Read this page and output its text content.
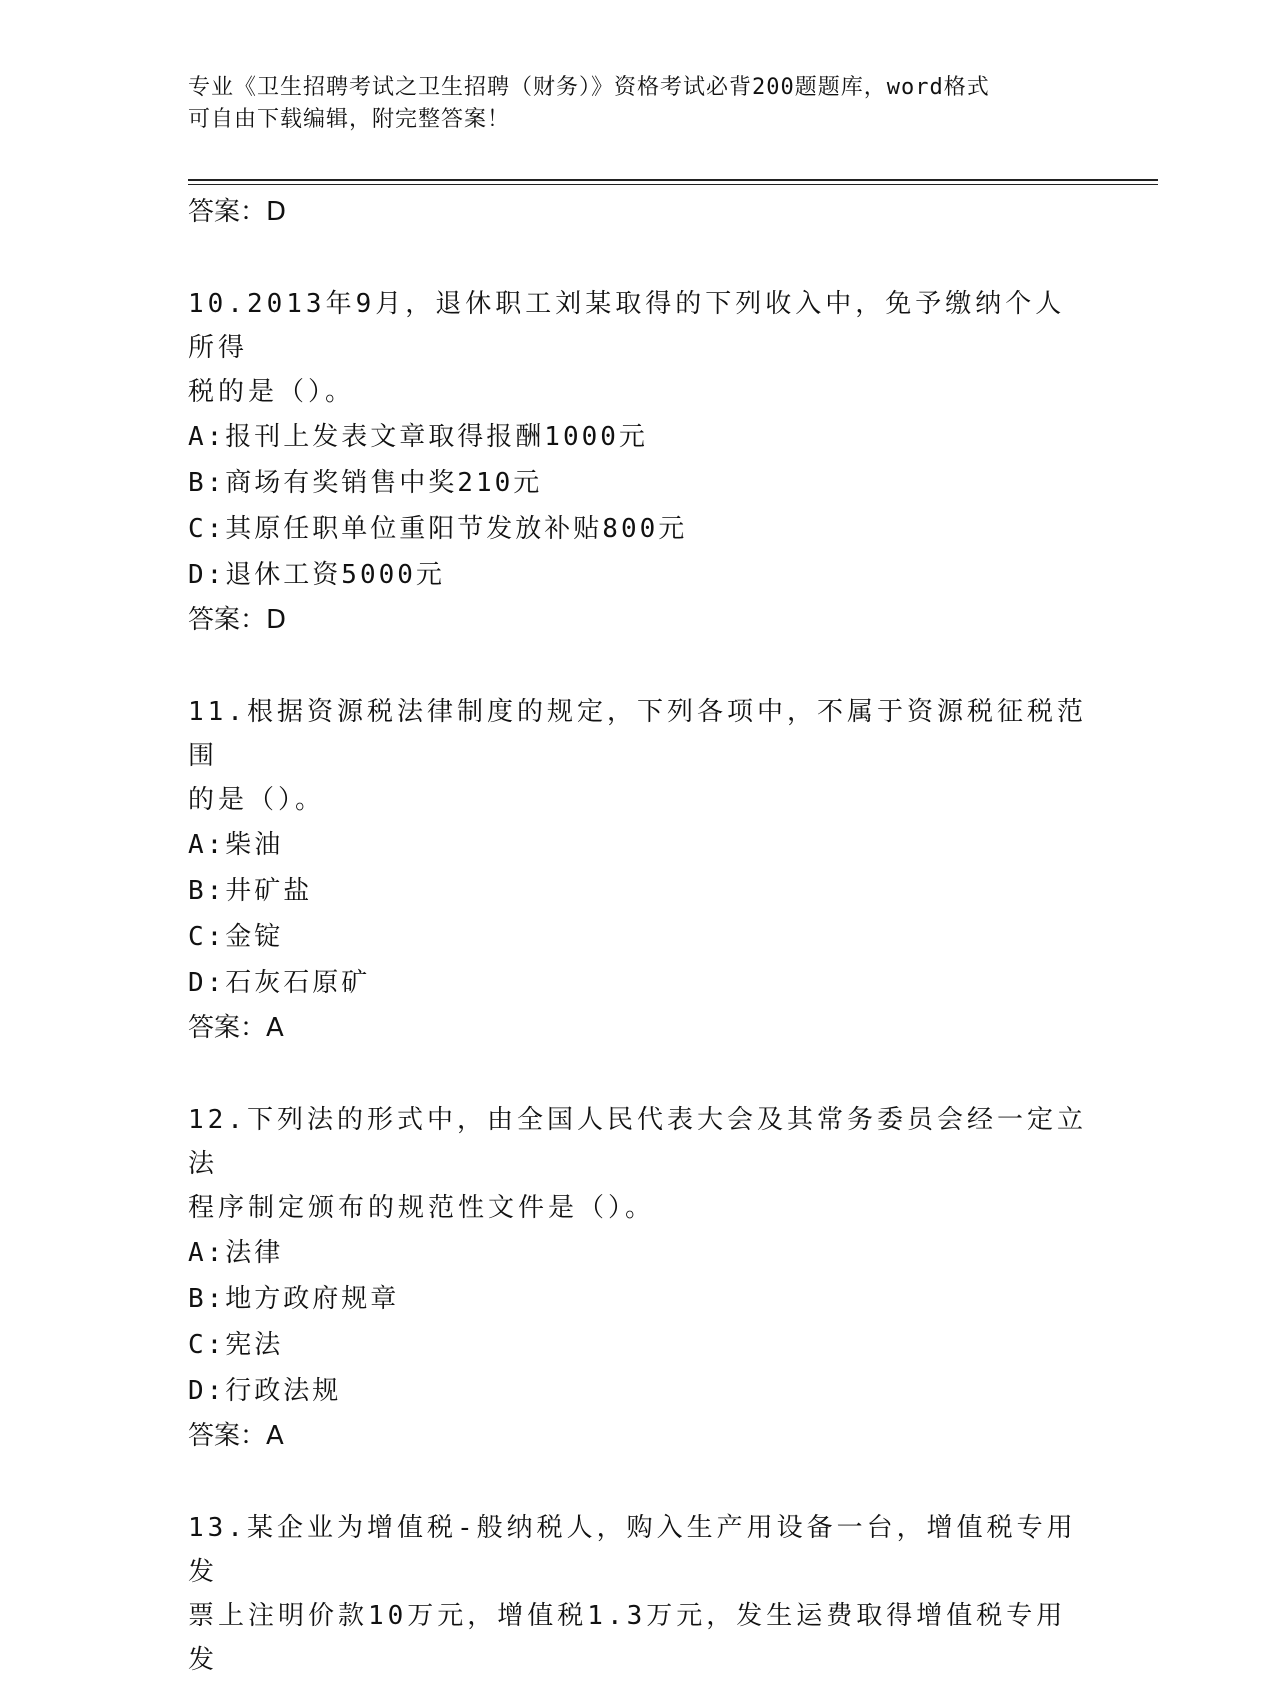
专业《卫生招聘考试之卫生招聘（财务）》资格考试必背200题题库，word格式
可自由下载编辑，附完整答案！
答案：D
10.2013年9月，退休职工刘某取得的下列收入中，免予缴纳个人所得
税的是（）。
A:报刊上发表文章取得报酬1000元
B:商场有奖销售中奖210元
C:其原任职单位重阳节发放补贴800元
D:退休工资5000元
答案：D
11.根据资源税法律制度的规定，下列各项中，不属于资源税征税范围
的是（）。
A:柴油
B:井矿盐
C:金锭
D:石灰石原矿
答案：A
12.下列法的形式中，由全国人民代表大会及其常务委员会经一定立法
程序制定颁布的规范性文件是（）。
A:法律
B:地方政府规章
C:宪法
D:行政法规
答案：A
13.某企业为增值税-般纳税人，购入生产用设备一台，增值税专用发
票上注明价款10万元，增值税1.3万元，发生运费取得增值税专用发
